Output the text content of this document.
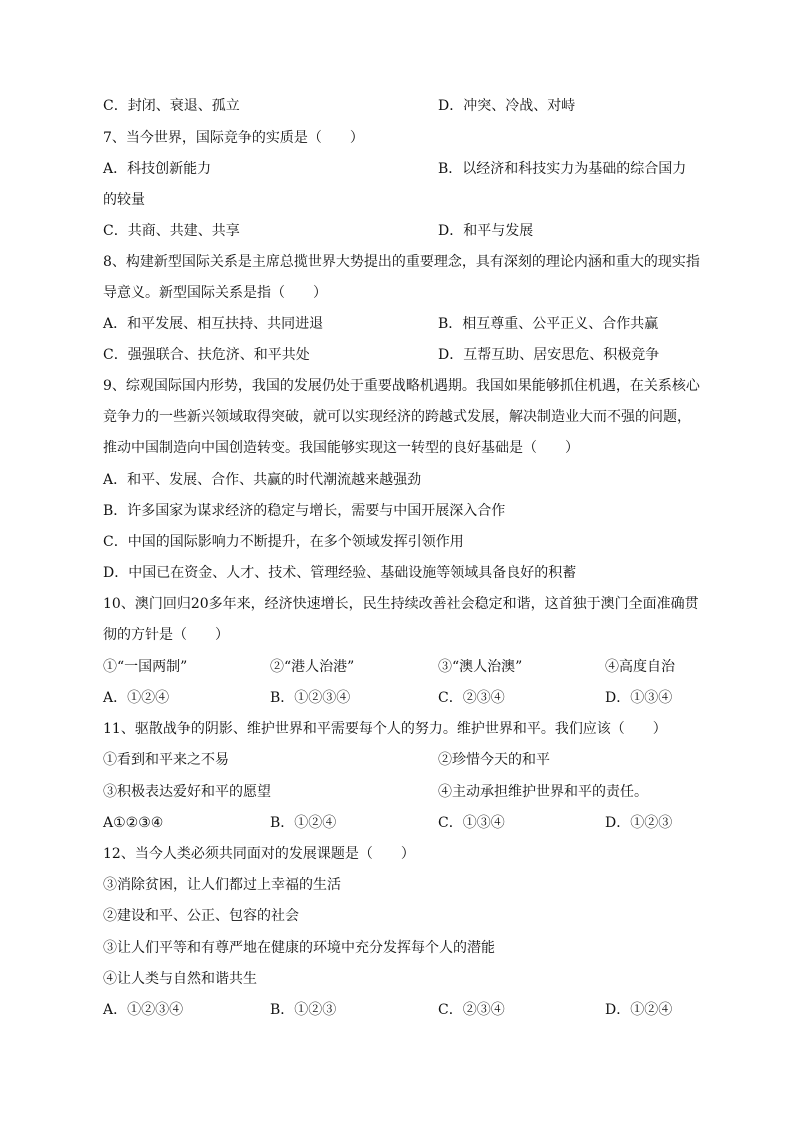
C．封闭、衰退、孤立	D．冲突、冷战、对峙
7、当今世界，国际竞争的实质是（　　）
A．科技创新能力	B．以经济和科技实力为基础的综合国力
的较量
C．共商、共建、共享	D．和平与发展
8、构建新型国际关系是主席总揽世界大势提出的重要理念，具有深刻的理论内涵和重大的现实指
导意义。新型国际关系是指（　　）
A．和平发展、相互扶持、共同进退	B．相互尊重、公平正义、合作共赢
C．强强联合、扶危济、和平共处	D．互帮互助、居安思危、积极竞争
9、综观国际国内形势，我国的发展仍处于重要战略机遇期。我国如果能够抓住机遇，在关系核心
竞争力的一些新兴领域取得突破，就可以实现经济的跨越式发展，解决制造业大而不强的问题，
推动中国制造向中国创造转变。我国能够实现这一转型的良好基础是（　　）
A．和平、发展、合作、共赢的时代潮流越来越强劲
B．许多国家为谋求经济的稳定与增长，需要与中国开展深入合作
C．中国的国际影响力不断提升，在多个领域发挥引领作用
D．中国已在资金、人才、技术、管理经验、基础设施等领域具备良好的积蓄
10、澳门回归20多年来，经济快速增长，民生持续改善社会稳定和谐，这首独于澳门全面准确贯
彻的方针是（　　）
①“一国两制”	②“港人治港”	③“澳人治澳”	④高度自治
A．①②④	B．①②③④	C．②③④	D．①③④
11、驱散战争的阴影、维护世界和平需要每个人的努力。维护世界和平。我们应该（　　）
①看到和平来之不易	②珍惜今天的和平
③积极表达爱好和平的愿望	④主动承担维护世界和平的责任。
A①②③④	B．①②④	C．①③④	D．①②③
12、当今人类必须共同面对的发展课题是（　　）
③消除贫困，让人们都过上幸福的生活
②建设和平、公正、包容的社会
③让人们平等和有尊严地在健康的环境中充分发挥每个人的潜能
④让人类与自然和谐共生
A．①②③④	B．①②③	C．②③④	D．①②④
